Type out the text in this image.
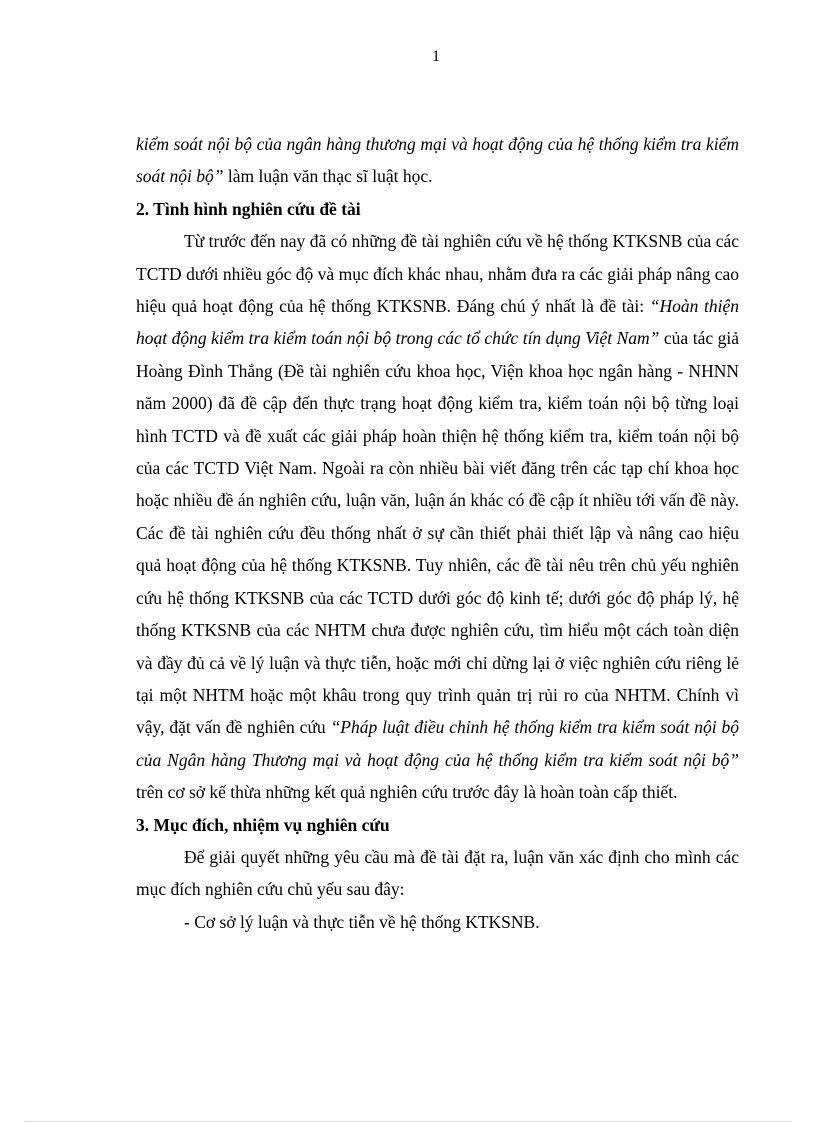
1

kiểm soát nội bộ của ngân hàng thương mại và hoạt động của hệ thống kiểm tra kiểm soát nội bộ” làm luận văn thạc sĩ luật học.

2. Tình hình nghiên cứu đề tài

Từ trước đến nay đã có những đề tài nghiên cứu về hệ thống KTKSNB của các TCTD dưới nhiều góc độ và mục đích khác nhau, nhằm đưa ra các giải pháp nâng cao hiệu quả hoạt động của hệ thống KTKSNB. Đáng chú ý nhất là đề tài: “Hoàn thiện hoạt động kiểm tra kiểm toán nội bộ trong các tổ chức tín dụng Việt Nam” của tác giả Hoàng Đình Thắng (Đề tài nghiên cứu khoa học, Viện khoa học ngân hàng - NHNN năm 2000) đã đề cập đến thực trạng hoạt động kiểm tra, kiểm toán nội bộ từng loại hình TCTD và đề xuất các giải pháp hoàn thiện hệ thống kiểm tra, kiểm toán nội bộ của các TCTD Việt Nam. Ngoài ra còn nhiều bài viết đăng trên các tạp chí khoa học hoặc nhiều đề án nghiên cứu, luận văn, luận án khác có đề cập ít nhiều tới vấn đề này. Các đề tài nghiên cứu đều thống nhất ở sự cần thiết phải thiết lập và nâng cao hiệu quả hoạt động của hệ thống KTKSNB. Tuy nhiên, các đề tài nêu trên chủ yếu nghiên cứu hệ thống KTKSNB của các TCTD dưới góc độ kinh tế; dưới góc độ pháp lý, hệ thống KTKSNB của các NHTM chưa được nghiên cứu, tìm hiểu một cách toàn diện và đầy đủ cả về lý luận và thực tiễn, hoặc mới chỉ dừng lại ở việc nghiên cứu riêng lẻ tại một NHTM hoặc một khâu trong quy trình quản trị rủi ro của NHTM. Chính vì vậy, đặt vấn đề nghiên cứu “Pháp luật điều chỉnh hệ thống kiểm tra kiểm soát nội bộ của Ngân hàng Thương mại và hoạt động của hệ thống kiểm tra kiểm soát nội bộ” trên cơ sở kế thừa những kết quả nghiên cứu trước đây là hoàn toàn cấp thiết.

3. Mục đích, nhiệm vụ nghiên cứu

Để giải quyết những yêu cầu mà đề tài đặt ra, luận văn xác định cho mình các mục đích nghiên cứu chủ yếu sau đây:

- Cơ sở lý luận và thực tiễn về hệ thống KTKSNB.
